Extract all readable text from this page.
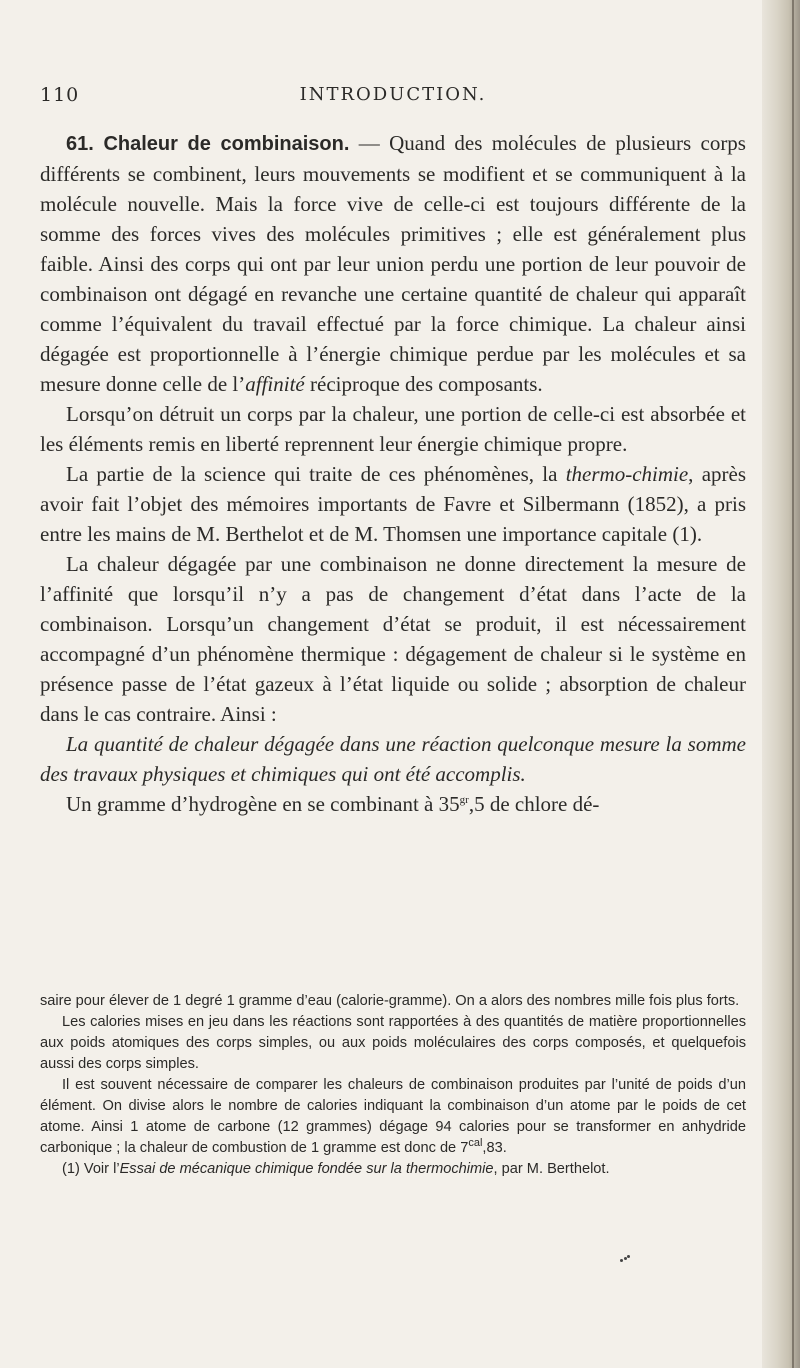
110	INTRODUCTION.

61. Chaleur de combinaison. — Quand des molécules de plusieurs corps différents se combinent, leurs mouvements se modifient et se communiquent à la molécule nouvelle. Mais la force vive de celle-ci est toujours différente de la somme des forces vives des molécules primitives ; elle est généralement plus faible. Ainsi des corps qui ont par leur union perdu une portion de leur pouvoir de combinaison ont dégagé en revanche une certaine quantité de chaleur qui apparaît comme l’équivalent du travail effectué par la force chimique. La chaleur ainsi dégagée est proportionnelle à l’énergie chimique perdue par les molécules et sa mesure donne celle de l’affinité réciproque des composants.

Lorsqu’on détruit un corps par la chaleur, une portion de celle-ci est absorbée et les éléments remis en liberté reprennent leur énergie chimique propre.

La partie de la science qui traite de ces phénomènes, la thermo-chimie, après avoir fait l’objet des mémoires importants de Favre et Silbermann (1852), a pris entre les mains de M. Berthelot et de M. Thomsen une importance capitale (1).

La chaleur dégagée par une combinaison ne donne directement la mesure de l’affinité que lorsqu’il n’y a pas de changement d’état dans l’acte de la combinaison. Lorsqu’un changement d’état se produit, il est nécessairement accompagné d’un phénomène thermique : dégagement de chaleur si le système en présence passe de l’état gazeux à l’état liquide ou solide ; absorption de chaleur dans le cas contraire. Ainsi :

La quantité de chaleur dégagée dans une réaction quelconque mesure la somme des travaux physiques et chimiques qui ont été accomplis.

Un gramme d’hydrogène en se combinant à $35^{gr},5$ de chlore dé-

saire pour élever de 1 degré 1 gramme d’eau (calorie-gramme). On a alors des nombres mille fois plus forts.

Les calories mises en jeu dans les réactions sont rapportées à des quantités de matière proportionnelles aux poids atomiques des corps simples, ou aux poids moléculaires des corps composés, et quelquefois aussi des corps simples.

Il est souvent nécessaire de comparer les chaleurs de combinaison produites par l’unité de poids d’un élément. On divise alors le nombre de calories indiquant la combinaison d’un atome par le poids de cet atome. Ainsi 1 atome de carbone (12 grammes) dégage 94 calories pour se transformer en anhydride carbonique ; la chaleur de combustion de 1 gramme est donc de $7^{cal},83$.

(1) Voir l’Essai de mécanique chimique fondée sur la thermochimie, par M. Berthelot.
